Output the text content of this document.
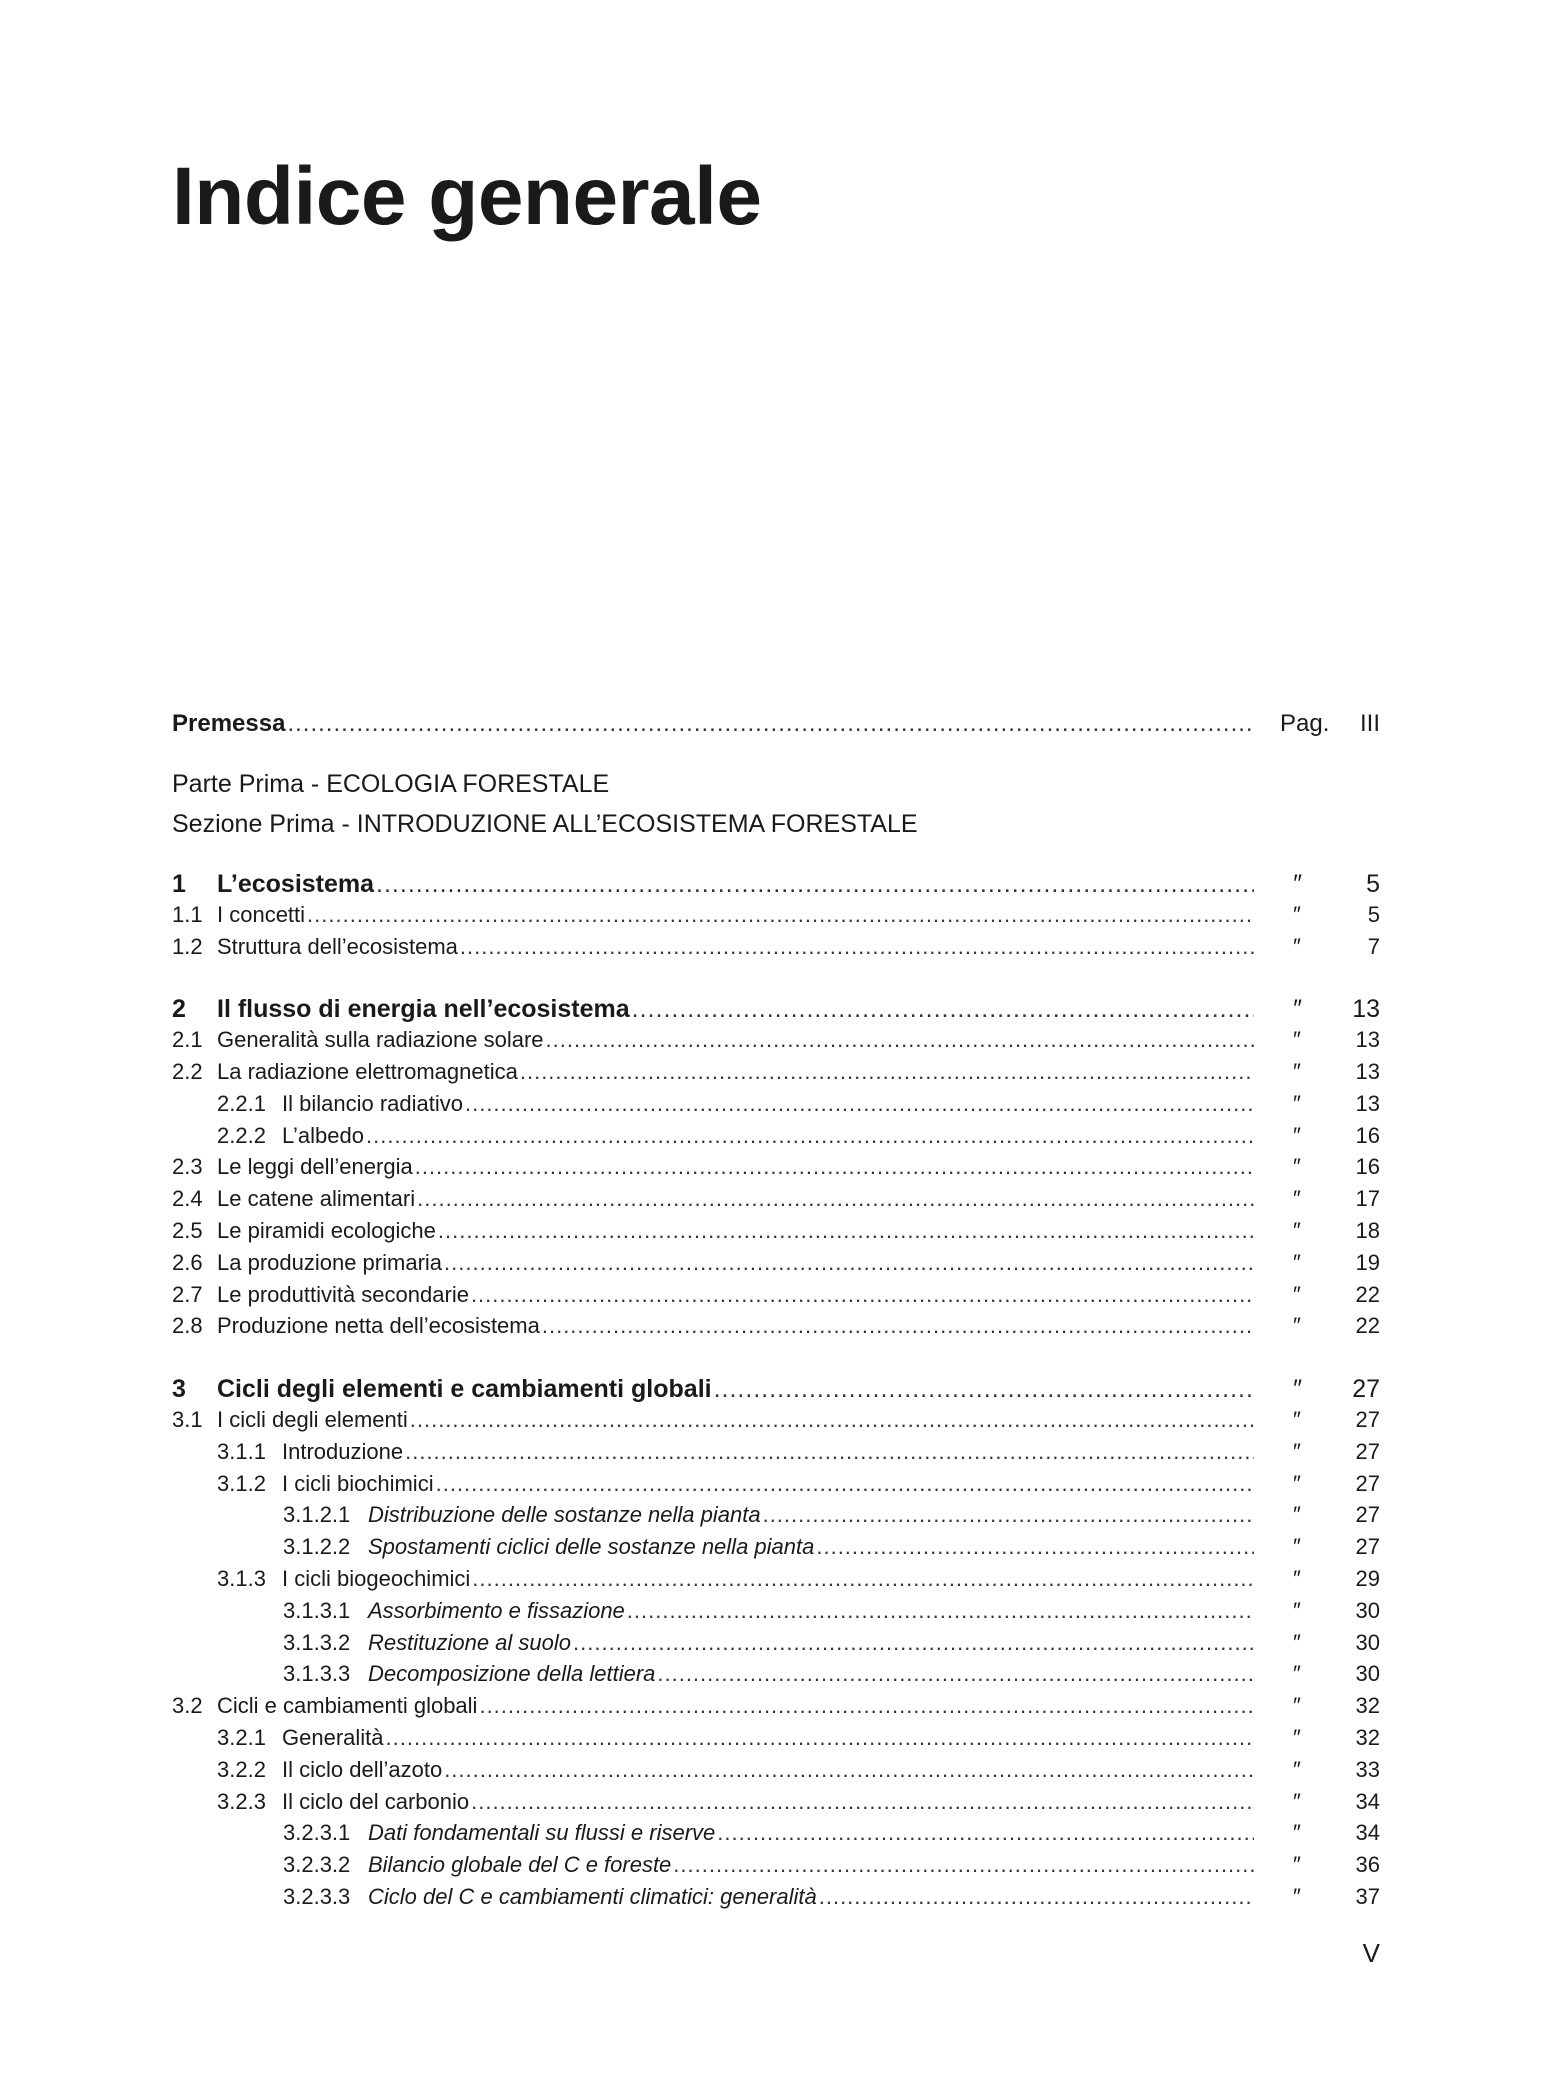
Indice generale
Premessa .....	Pag.	III
Parte Prima - ECOLOGIA FORESTALE
Sezione Prima - INTRODUZIONE ALL’ECOSISTEMA FORESTALE
1	L’ecosistema .....	″	5
1.1 I concetti .....	″	5
1.2 Struttura dell’ecosistema .....	″	7
2	Il flusso di energia nell’ecosistema .....	″	13
2.1 Generalità sulla radiazione solare .....	″	13
2.2 La radiazione elettromagnetica .....	″	13
2.2.1 Il bilancio radiativo .....	″	13
2.2.2 L’albedo .....	″	16
2.3 Le leggi dell’energia .....	″	16
2.4 Le catene alimentari .....	″	17
2.5 Le piramidi ecologiche .....	″	18
2.6 La produzione primaria .....	″	19
2.7 Le produttività secondarie .....	″	22
2.8 Produzione netta dell’ecosistema .....	″	22
3	Cicli degli elementi e cambiamenti globali .....	″	27
3.1 I cicli degli elementi .....	″	27
3.1.1 Introduzione .....	″	27
3.1.2 I cicli biochimici .....	″	27
3.1.2.1 Distribuzione delle sostanze nella pianta .....	″	27
3.1.2.2 Spostamenti ciclici delle sostanze nella pianta .....	″	27
3.1.3 I cicli biogeochimici .....	″	29
3.1.3.1 Assorbimento e fissazione .....	″	30
3.1.3.2 Restituzione al suolo .....	″	30
3.1.3.3 Decomposizione della lettiera .....	″	30
3.2 Cicli e cambiamenti globali .....	″	32
3.2.1 Generalità .....	″	32
3.2.2 Il ciclo dell’azoto .....	″	33
3.2.3 Il ciclo del carbonio .....	″	34
3.2.3.1 Dati fondamentali su flussi e riserve .....	″	34
3.2.3.2 Bilancio globale del C e foreste .....	″	36
3.2.3.3 Ciclo del C e cambiamenti climatici: generalità .....	″	37
V
